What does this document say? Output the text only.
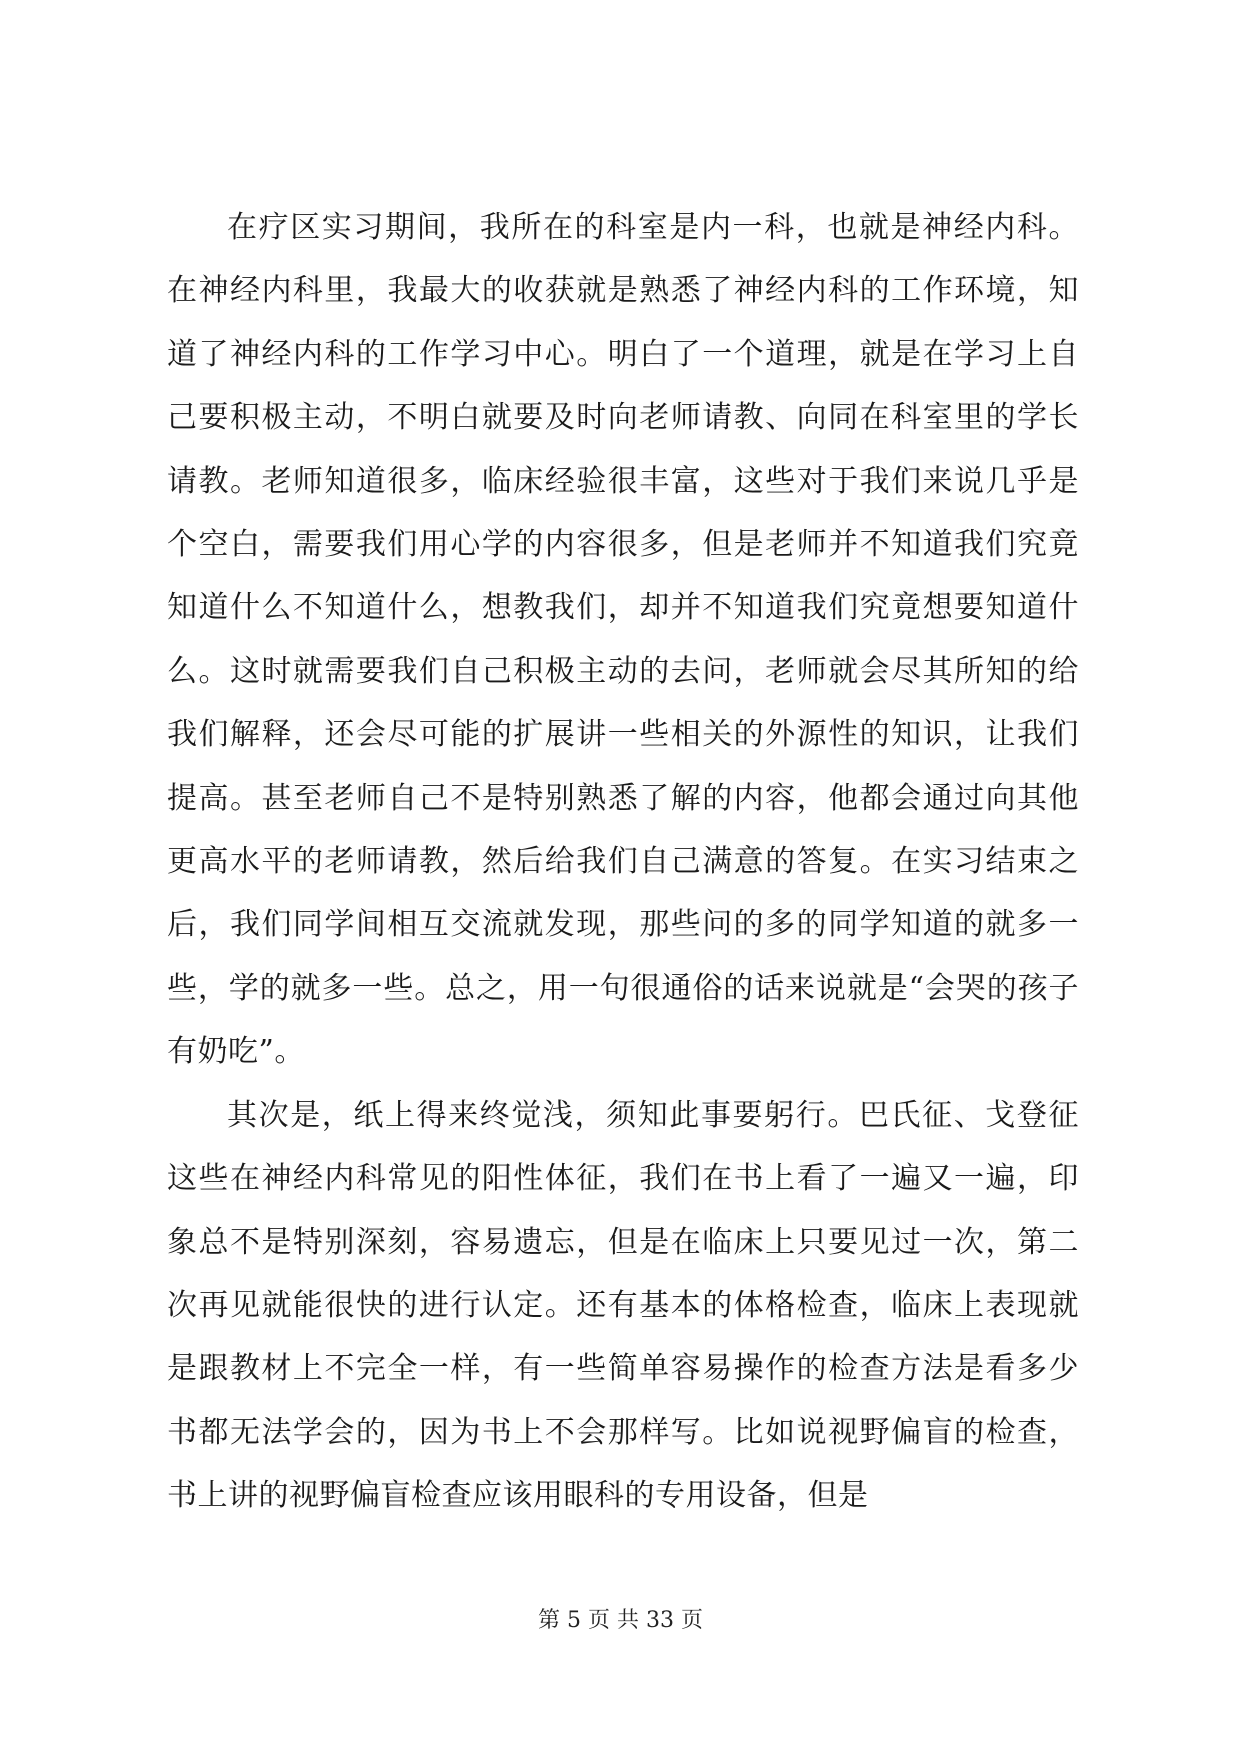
在疗区实习期间，我所在的科室是内一科，也就是神经内科。在神经内科里，我最大的收获就是熟悉了神经内科的工作环境，知道了神经内科的工作学习中心。明白了一个道理，就是在学习上自己要积极主动，不明白就要及时向老师请教、向同在科室里的学长请教。老师知道很多，临床经验很丰富，这些对于我们来说几乎是个空白，需要我们用心学的内容很多，但是老师并不知道我们究竟知道什么不知道什么，想教我们，却并不知道我们究竟想要知道什么。这时就需要我们自己积极主动的去问，老师就会尽其所知的给我们解释，还会尽可能的扩展讲一些相关的外源性的知识，让我们提高。甚至老师自己不是特别熟悉了解的内容，他都会通过向其他更高水平的老师请教，然后给我们自己满意的答复。在实习结束之后，我们同学间相互交流就发现，那些问的多的同学知道的就多一些，学的就多一些。总之，用一句很通俗的话来说就是“会哭的孩子有奶吃”。

其次是，纸上得来终觉浅，须知此事要躬行。巴氏征、戈登征这些在神经内科常见的阳性体征，我们在书上看了一遍又一遍，印象总不是特别深刻，容易遗忘，但是在临床上只要见过一次，第二次再见就能很快的进行认定。还有基本的体格检查，临床上表现就是跟教材上不完全一样，有一些简单容易操作的检查方法是看多少书都无法学会的，因为书上不会那样写。比如说视野偏盲的检查，书上讲的视野偏盲检查应该用眼科的专用设备，但是

第 5 页 共 33 页
